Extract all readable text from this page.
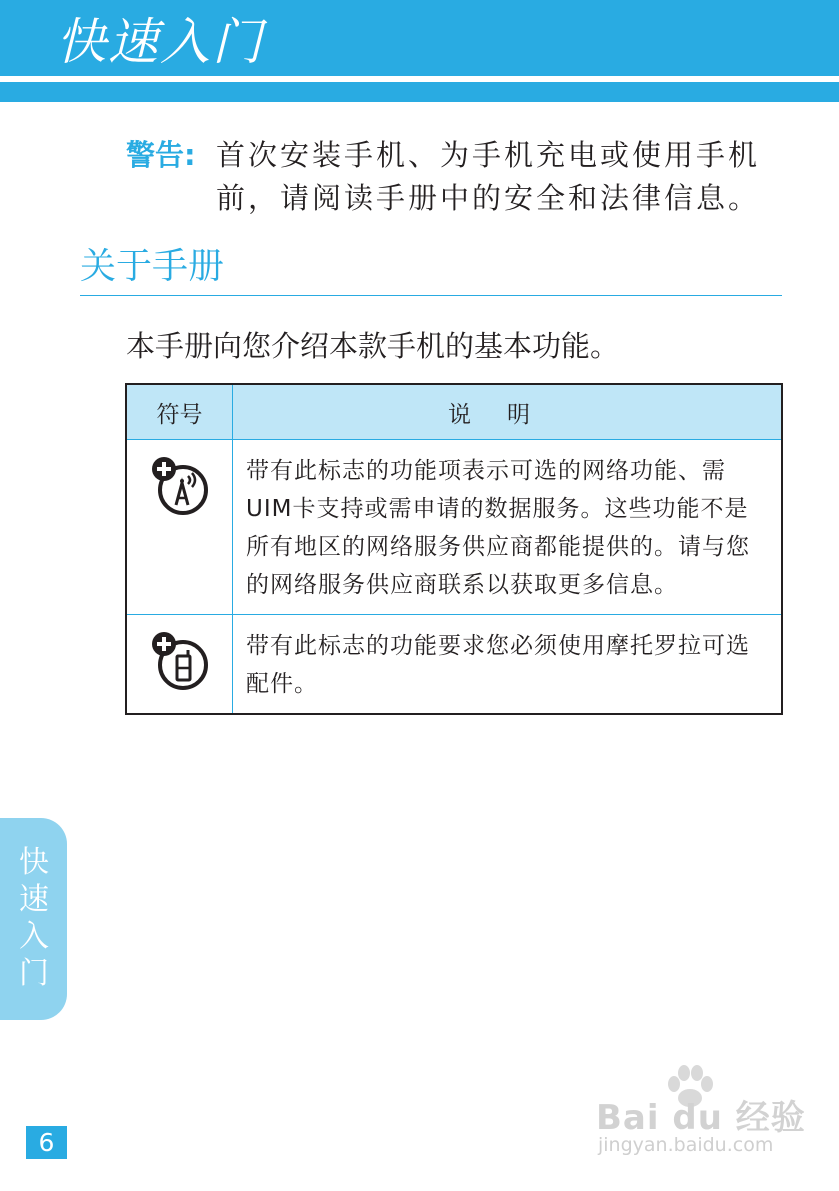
快速入门
警告: 首次安装手机、为手机充电或使用手机前，请阅读手册中的安全和法律信息。
关于手册
本手册向您介绍本款手机的基本功能。
符号	说明

	带有此标志的功能项表示可选的网络功能、需UIM卡支持或需申请的数据服务。这些功能不是所有地区的网络服务供应商都能提供的。请与您的网络服务供应商联系以获取更多信息。

	带有此标志的功能要求您必须使用摩托罗拉可选配件。
快速入门
6
Bai du 经验
jingyan.baidu.com
